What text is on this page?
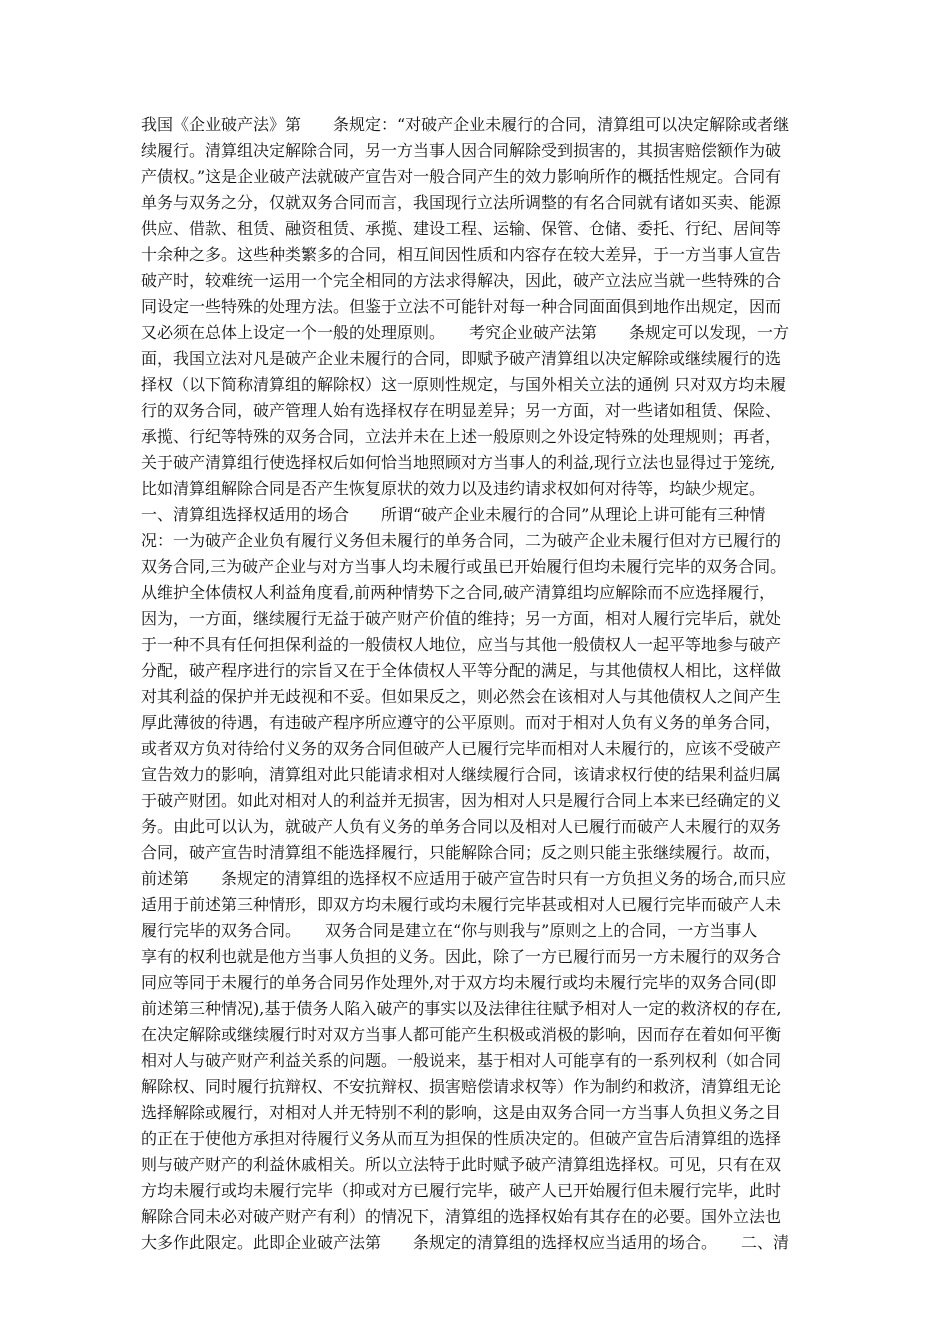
我国《企业破产法》第　　条规定：“对破产企业未履行的合同，清算组可以决定解除或者继
续履行。清算组决定解除合同，另一方当事人因合同解除受到损害的，其损害赔偿额作为破
产债权。”这是企业破产法就破产宣告对一般合同产生的效力影响所作的概括性规定。合同有
单务与双务之分，仅就双务合同而言，我国现行立法所调整的有名合同就有诸如买卖、能源
供应、借款、租赁、融资租赁、承揽、建设工程、运输、保管、仓储、委托、行纪、居间等
十余种之多。这些种类繁多的合同，相互间因性质和内容存在较大差异，于一方当事人宣告
破产时，较难统一运用一个完全相同的方法求得解决，因此，破产立法应当就一些特殊的合
同设定一些特殊的处理方法。但鉴于立法不可能针对每一种合同面面俱到地作出规定，因而
又必须在总体上设定一个一般的处理原则。　　考究企业破产法第　　条规定可以发现，一方
面，我国立法对凡是破产企业未履行的合同，即赋予破产清算组以决定解除或继续履行的选
择权（以下简称清算组的解除权）这一原则性规定，与国外相关立法的通例 只对双方均未履
行的双务合同，破产管理人始有选择权存在明显差异；另一方面，对一些诸如租赁、保险、
承揽、行纪等特殊的双务合同，立法并未在上述一般原则之外设定特殊的处理规则；再者，
关于破产清算组行使选择权后如何恰当地照顾对方当事人的利益,现行立法也显得过于笼统,
比如清算组解除合同是否产生恢复原状的效力以及违约请求权如何对待等，均缺少规定。
一、清算组选择权适用的场合　　所谓“破产企业未履行的合同”从理论上讲可能有三种情
况：一为破产企业负有履行义务但未履行的单务合同，二为破产企业未履行但对方已履行的
双务合同,三为破产企业与对方当事人均未履行或虽已开始履行但均未履行完毕的双务合同。
从维护全体债权人利益角度看,前两种情势下之合同,破产清算组均应解除而不应选择履行，
因为，一方面，继续履行无益于破产财产价值的维持；另一方面，相对人履行完毕后，就处
于一种不具有任何担保利益的一般债权人地位，应当与其他一般债权人一起平等地参与破产
分配，破产程序进行的宗旨又在于全体债权人平等分配的满足，与其他债权人相比，这样做
对其利益的保护并无歧视和不妥。但如果反之，则必然会在该相对人与其他债权人之间产生
厚此薄彼的待遇，有违破产程序所应遵守的公平原则。而对于相对人负有义务的单务合同，
或者双方负对待给付义务的双务合同但破产人已履行完毕而相对人未履行的，应该不受破产
宣告效力的影响，清算组对此只能请求相对人继续履行合同，该请求权行使的结果利益归属
于破产财团。如此对相对人的利益并无损害，因为相对人只是履行合同上本来已经确定的义
务。由此可以认为，就破产人负有义务的单务合同以及相对人已履行而破产人未履行的双务
合同，破产宣告时清算组不能选择履行，只能解除合同；反之则只能主张继续履行。故而，
前述第　　条规定的清算组的选择权不应适用于破产宣告时只有一方负担义务的场合,而只应
适用于前述第三种情形，即双方均未履行或均未履行完毕甚或相对人已履行完毕而破产人未
履行完毕的双务合同。　　双务合同是建立在“你与则我与”原则之上的合同，一方当事人
享有的权利也就是他方当事人负担的义务。因此，除了一方已履行而另一方未履行的双务合
同应等同于未履行的单务合同另作处理外,对于双方均未履行或均未履行完毕的双务合同(即
前述第三种情况),基于债务人陷入破产的事实以及法律往往赋予相对人一定的救济权的存在,
在决定解除或继续履行时对双方当事人都可能产生积极或消极的影响，因而存在着如何平衡
相对人与破产财产利益关系的问题。一般说来，基于相对人可能享有的一系列权利（如合同
解除权、同时履行抗辩权、不安抗辩权、损害赔偿请求权等）作为制约和救济，清算组无论
选择解除或履行，对相对人并无特别不利的影响，这是由双务合同一方当事人负担义务之目
的正在于使他方承担对待履行义务从而互为担保的性质决定的。但破产宣告后清算组的选择
则与破产财产的利益休戚相关。所以立法特于此时赋予破产清算组选择权。可见，只有在双
方均未履行或均未履行完毕（抑或对方已履行完毕，破产人已开始履行但未履行完毕，此时
解除合同未必对破产财产有利）的情况下，清算组的选择权始有其存在的必要。国外立法也
大多作此限定。此即企业破产法第　　条规定的清算组的选择权应当适用的场合。　　二、清
